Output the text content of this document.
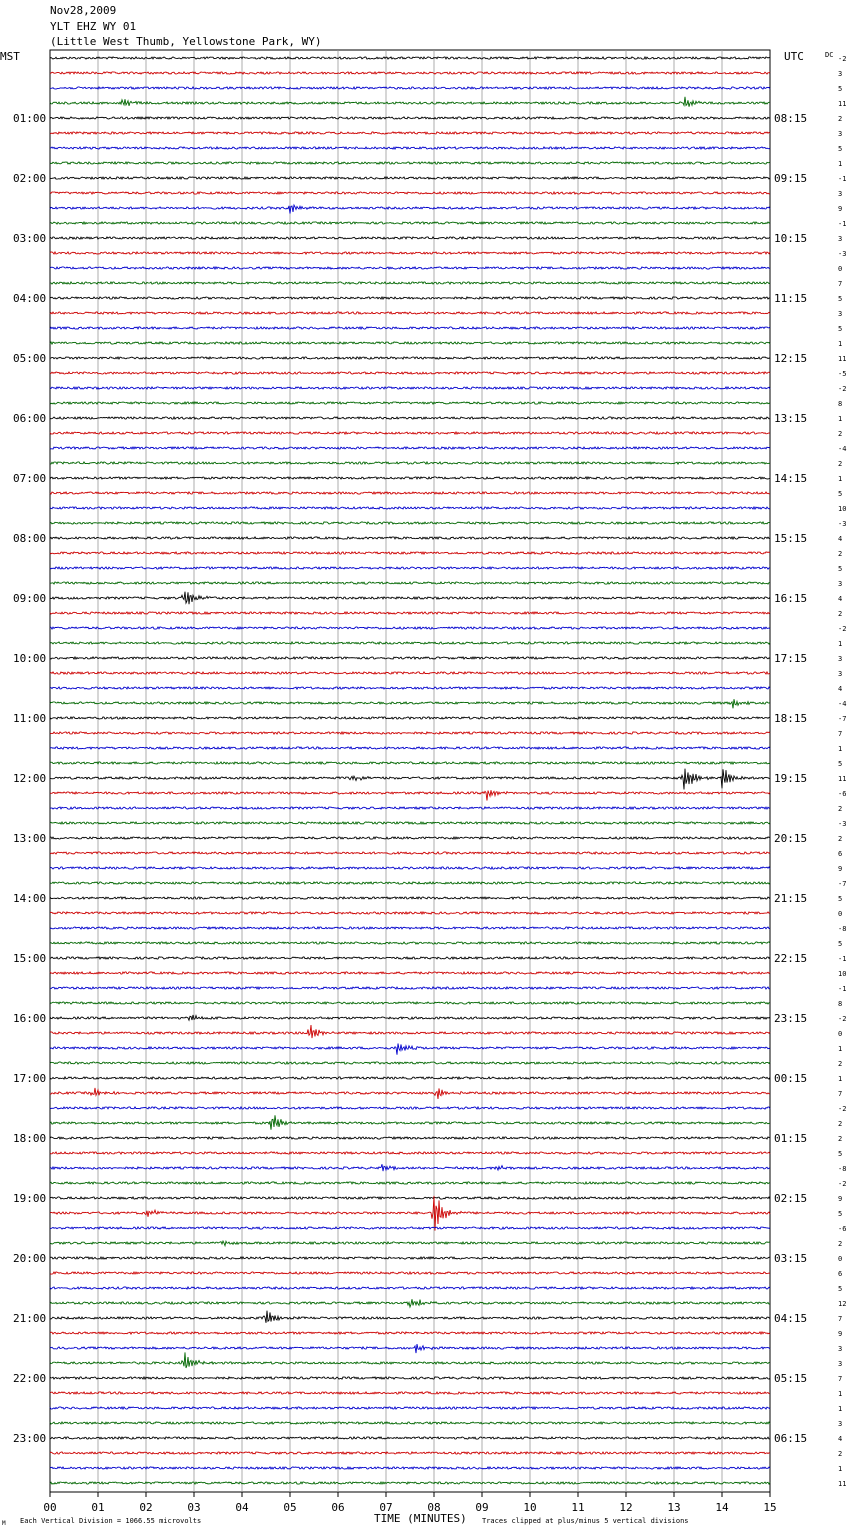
Nov28,2009
YLT EHZ WY 01
(Little West Thumb, Yellowstone Park, WY)
00	01	02	03	04	05	06	07	08	09	10	11	12	13	14	15
01:00	08:15
02:00	09:15
03:00	10:15
04:00	11:15
05:00	12:15
06:00	13:15
07:00	14:15
08:00	15:15
09:00	16:15
10:00	17:15
11:00	18:15
12:00	19:15
13:00	20:15
14:00	21:15
15:00	22:15
16:00	23:15
17:00	00:15
18:00	01:15
19:00	02:15
20:00	03:15
21:00	04:15
22:00	05:15
23:00	06:15
-2
3
5
11
2
3
5
1
-1
3
9
-1
3
-3
0
7
5
3
5
1
11
-5
-2
8
1
2
-4
2
1
5
10
-3
4
2
5
3
4
2
-2
1
3
3
4
-4
-7
7
1
5
11
-6
2
-3
2
6
9
-7
5
0
-8
5
-1
10
-1
8
-2
0
1
2
1
7
-2
2
2
5
-8
-2
9
5
-6
2
0
6
5
12
7
9
3
3
7
1
1
3
4
2
1
11
MST	UTC	DC
TIME (MINUTES)
Each Vertical Division = 1066.55 microvolts	Traces clipped at plus/minus 5 vertical divisions
M
